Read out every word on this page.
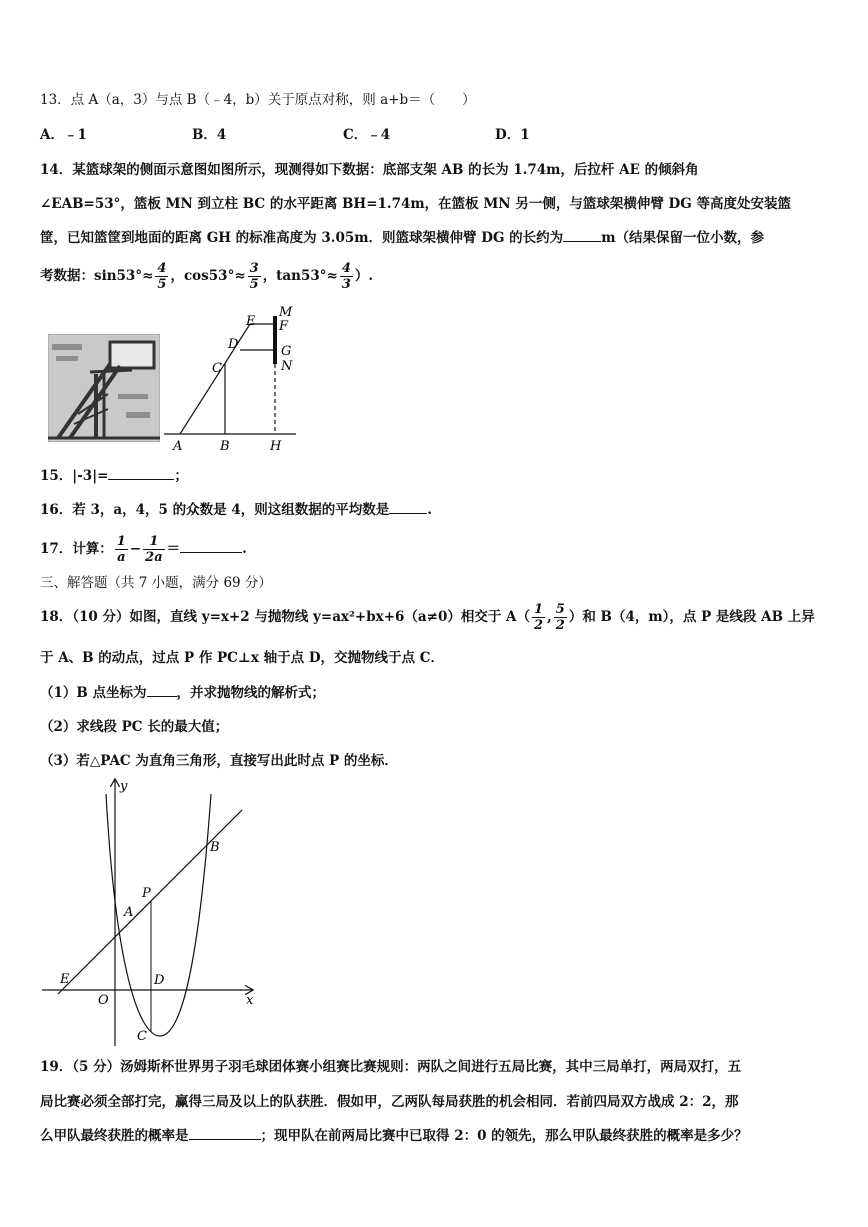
13．点 A（a，3）与点 B（﹣4，b）关于原点对称，则 a+b＝（　　）
A．﹣1	B．4	C．﹣4	D．1
14．某篮球架的侧面示意图如图所示，现测得如下数据：底部支架 AB 的长为 1.74m，后拉杆 AE 的倾斜角
∠EAB=53°，篮板 MN 到立柱 BC 的水平距离 BH=1.74m，在篮板 MN 另一侧，与篮球架横伸臂 DG 等高度处安装篮
筐，已知篮筐到地面的距离 GH 的标准高度为 3.05m．则篮球架横伸臂 DG 的长约为	m（结果保留一位小数，参
考数据：$\sin 53^\circ\approx \frac{4}{5}$ ，$\cos 53^\circ\approx \frac{3}{5}$ ，$\tan 53^\circ\approx \frac{4}{3}$ ）.
E
M
F
D	G
N
C
A	B	H
15．|-3|=	；
16．若 3，a，4，5 的众数是 4，则这组数据的平均数是	.
17．计算： $\frac{1}{a} - \frac{1}{2a}$ ＝	.
三、解答题（共 7 小题，满分 69 分）
18．（10 分）如图，直线 y=x+2 与抛物线 y=ax²+bx+6（a≠0）相交于 $A( \frac{1}{2}$ , $\frac{5}{2}$ ）和 B（4，m），点 P 是线段 AB 上异
于 A、B 的动点，过点 P 作 PC⊥x 轴于点 D，交抛物线于点 C．
（1）B 点坐标为 ，并求抛物线的解析式；
（2）求线段 PC 长的最大值；
（3）若△PAC 为直角三角形，直接写出此时点 P 的坐标．
y
x
O
A
P
B
D
C
E
19．（5 分）汤姆斯杯世界男子羽毛球团体赛小组赛比赛规则：两队之间进行五局比赛，其中三局单打，两局双打，五
局比赛必须全部打完，赢得三局及以上的队获胜．假如甲，乙两队每局获胜的机会相同．若前四局双方战成 2：2，那
么甲队最终获胜的概率是	；现甲队在前两局比赛中已取得 2：0 的领先，那么甲队最终获胜的概率是多少？
